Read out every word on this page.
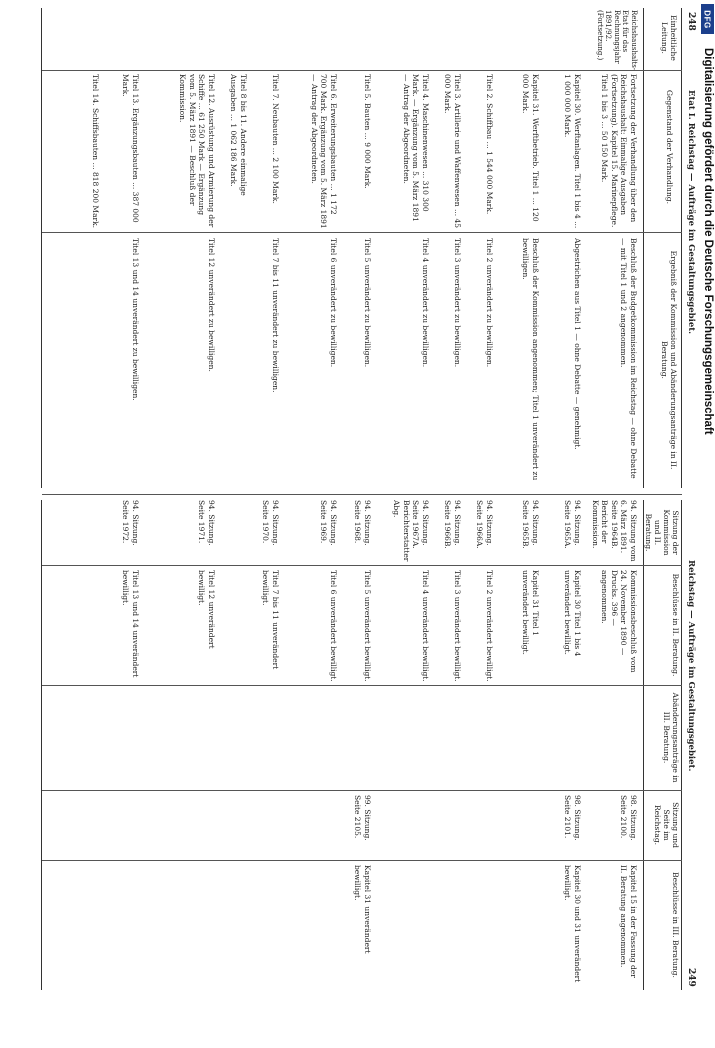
248
Etat I. Reichstag — Aufträge im Gestaltungsgebiet.
Reichstag — Aufträge im Gestaltungsgebiet.
249
Einheitliche Leitung.
Gegenstand der Verhandlung.
Ergebniß der Kommission und Abänderungsanträge in II. Beratung.
Sitzung der Kommission und II. Beratung.
Beschlüsse in II. Beratung.
Abänderungsanträge in III. Beratung.
Sitzung und Seite im Reichstag.
Beschlüsse in III. Beratung.
Reichshaushalts-
Etat für das
Rechnungsjahr
1891/92.
(Fortsetzung.)
Fortsetzung der Verhandlung über den Reichshaushalt: Einmalige Ausgaben (Fortsetzung). Kapitel 15. Marinepflege. Titel 1 bis 3 ... 50 150 Mark.
Beschluß der Budgetkommission im Reichstag — ohne Debatte — mit Titel 1 und 2 angenommen.
Kapitel 30. Werftanlagen. Titel 1 bis 4 ... 1 000 000 Mark.
Abgestrichen aus Titel 1 — ohne Debatte — genehmigt.
Kapitel 31. Werftbetrieb. Titel 1 ... 120 000 Mark.
Beschluß der Kommission angenommen; Titel 1 unverändert zu bewilligen.
Titel 2. Schiffbau ... 1 544 000 Mark.
Titel 2 unverändert zu bewilligen.
Titel 3. Artillerie und Waffenwesen ... 45 000 Mark.
Titel 3 unverändert zu bewilligen.
Titel 4. Maschinenwesen ... 310 300 Mark. — Ergänzung vom 5. März 1891 — Antrag der Abgeordneten.
Titel 4 unverändert zu bewilligen.
Titel 5. Bauten ... 9 000 Mark.
Titel 5 unverändert zu bewilligen.
Titel 6. Erweiterungsbauten ... 1 172 700 Mark. Ergänzung vom 5. März 1891 — Antrag der Abgeordneten.
Titel 6 unverändert zu bewilligen.
Titel 7. Neubauten ... 2 100 Mark.
Titel 7 bis 11 unverändert zu bewilligen.
Titel 8 bis 11. Andere einmalige Ausgaben ... 1 062 186 Mark.
Titel 12. Ausrüstung und Armierung der Schiffe ... 61 250 Mark — Ergänzung vom 5. März 1891 — Beschluß der Kommission.
Titel 12 unverändert zu bewilligen.
Titel 13. Ergänzungsbauten ... 387 000 Mark.
Titel 13 und 14 unverändert zu bewilligen.
Titel 14. Schiffsbauten ... 818 200 Mark.
94. Sitzung vom 6. März 1891. Seite 1964B. Bericht der Kommission.
Kommissionsbeschluß vom 24. November 1890 — Drucks. 396 — angenommen.
98. Sitzung. Seite 2100.
Kapitel 15 in der Fassung der II. Beratung angenommen.
94. Sitzung. Seite 1965A.
Kapitel 30 Titel 1 bis 4 unverändert bewilligt.
98. Sitzung. Seite 2101.
Kapitel 30 und 31 unverändert bewilligt.
94. Sitzung. Seite 1965B.
Kapitel 31 Titel 1 unverändert bewilligt.
94. Sitzung. Seite 1966A.
Titel 2 unverändert bewilligt.
94. Sitzung. Seite 1966B.
Titel 3 unverändert bewilligt.
94. Sitzung. Seite 1967A. Berichterstatter Abg.
Titel 4 unverändert bewilligt.
94. Sitzung. Seite 1968.
Titel 5 unverändert bewilligt.
99. Sitzung. Seite 2105.
Kapitel 31 unverändert bewilligt.
94. Sitzung. Seite 1969.
Titel 6 unverändert bewilligt.
94. Sitzung. Seite 1970.
Titel 7 bis 11 unverändert bewilligt.
94. Sitzung. Seite 1971.
Titel 12 unverändert bewilligt.
94. Sitzung. Seite 1972.
Titel 13 und 14 unverändert bewilligt.
Digitalisierung gefördert durch die Deutsche Forschungsgemeinschaft
DFG
